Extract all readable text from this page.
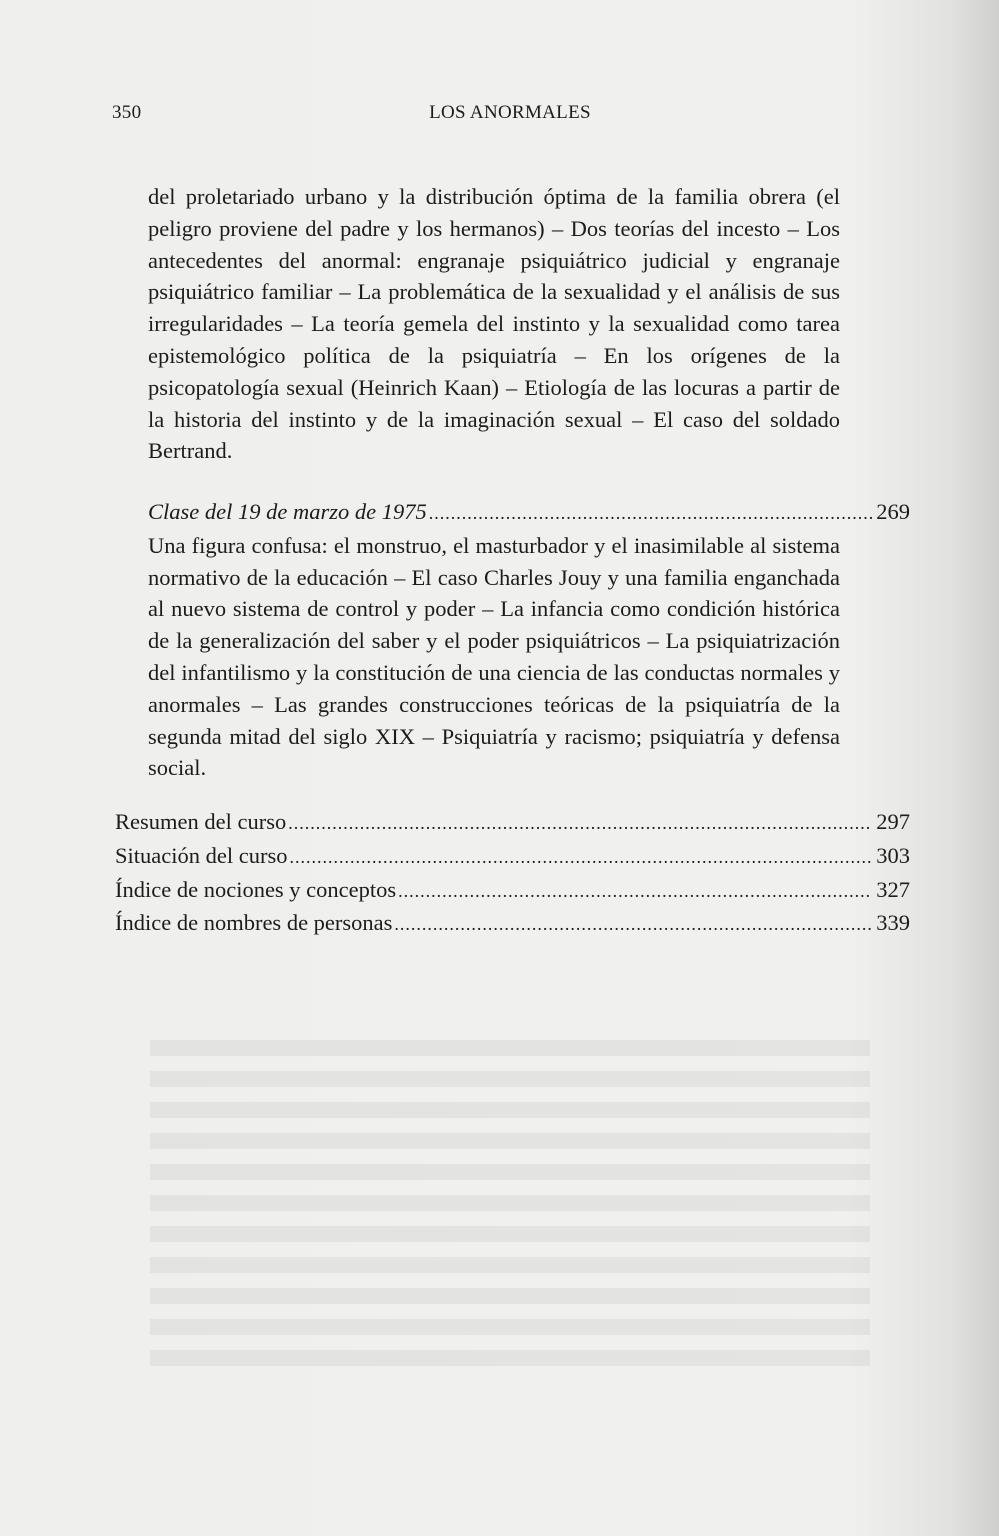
350	LOS ANORMALES

del proletariado urbano y la distribución óptima de la familia obrera (el peligro proviene del padre y los hermanos) – Dos teorías del incesto – Los antecedentes del anormal: engranaje psiquiátrico judicial y engranaje psiquiátrico familiar – La problemática de la sexualidad y el análisis de sus irregularidades – La teoría gemela del instinto y la sexualidad como tarea epistemológico política de la psiquiatría – En los orígenes de la psicopatología sexual (Heinrich Kaan) – Etiología de las locuras a partir de la historia del instinto y de la imaginación sexual – El caso del soldado Bertrand.

Clase del 19 de marzo de 1975 .....	269

Una figura confusa: el monstruo, el masturbador y el inasimilable al sistema normativo de la educación – El caso Charles Jouy y una familia enganchada al nuevo sistema de control y poder – La infancia como condición histórica de la generalización del saber y el poder psiquiátricos – La psiquiatrización del infantilismo y la constitución de una ciencia de las conductas normales y anormales – Las grandes construcciones teóricas de la psiquiatría de la segunda mitad del siglo XIX – Psiquiatría y racismo; psiquiatría y defensa social.

Resumen del curso .....	297
Situación del curso .....	303
Índice de nociones y conceptos .....	327
Índice de nombres de personas .....	339
